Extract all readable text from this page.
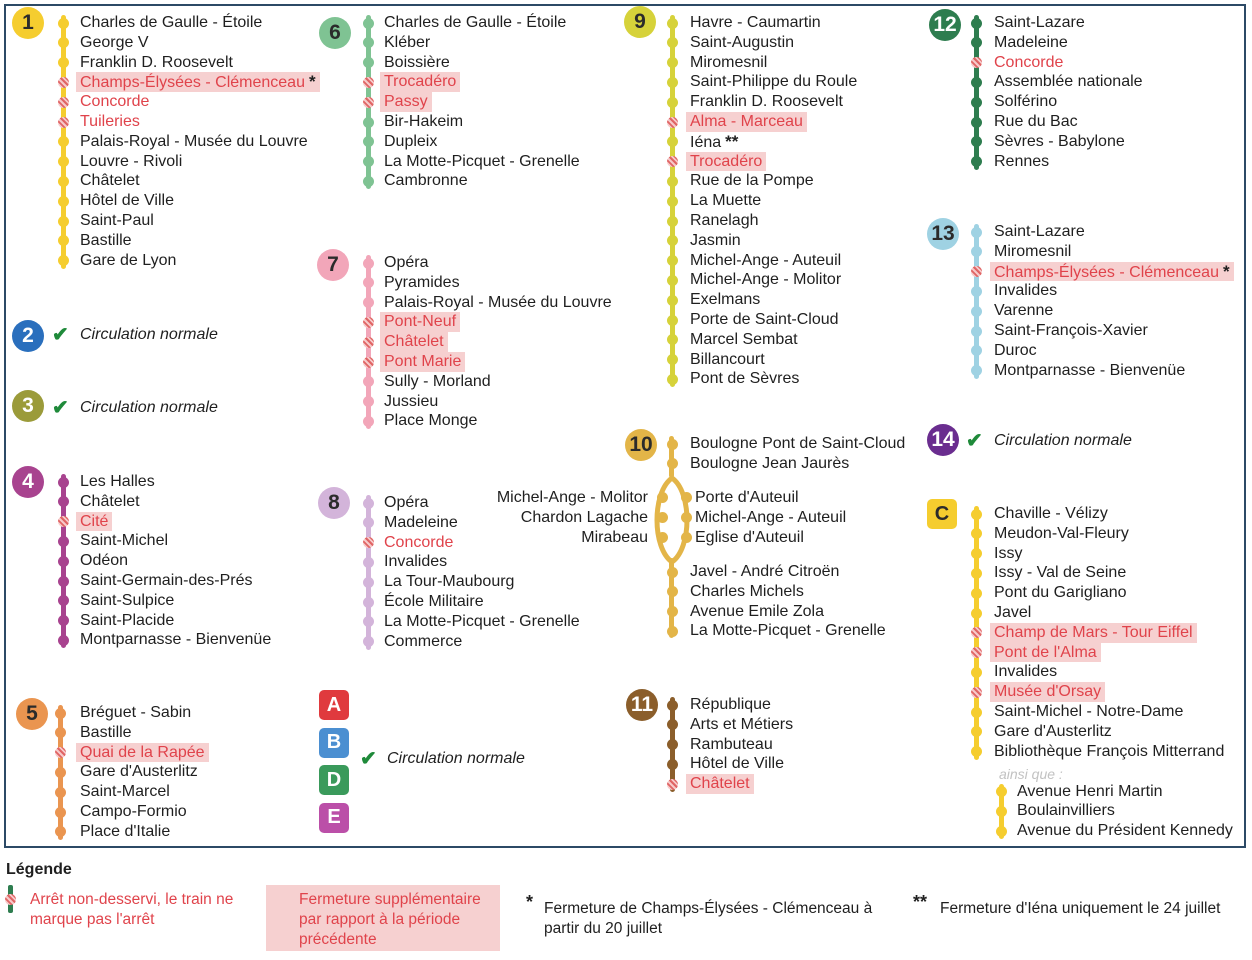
1	Charles de Gaulle - Étoile
George V
Franklin D. Roosevelt
Champs-Élysées - Clémenceau *
Concorde
Tuileries
Palais-Royal - Musée du Louvre
Louvre - Rivoli
Châtelet
Hôtel de Ville
Saint-Paul
Bastille
Gare de Lyon
2 ✔ Circulation normale
3 ✔ Circulation normale
4	Les Halles
Châtelet
Cité
Saint-Michel
Odéon
Saint-Germain-des-Prés
Saint-Sulpice
Saint-Placide
Montparnasse - Bienvenüe
5	Bréguet - Sabin
Bastille
Quai de la Rapée
Gare d'Austerlitz
Saint-Marcel
Campo-Formio
Place d'Italie
6	Charles de Gaulle - Étoile
Kléber
Boissière
Trocadéro
Passy
Bir-Hakeim
Dupleix
La Motte-Picquet - Grenelle
Cambronne
7	Opéra
Pyramides
Palais-Royal - Musée du Louvre
Pont-Neuf
Châtelet
Pont Marie
Sully - Morland
Jussieu
Place Monge
8	Opéra
Madeleine
Concorde
Invalides
La Tour-Maubourg
École Militaire
La Motte-Picquet - Grenelle
Commerce
9	Havre - Caumartin
Saint-Augustin
Miromesnil
Saint-Philippe du Roule
Franklin D. Roosevelt
Alma - Marceau
Iéna **
Trocadéro
Rue de la Pompe
La Muette
Ranelagh
Jasmin
Michel-Ange - Auteuil
Michel-Ange - Molitor
Exelmans
Porte de Saint-Cloud
Marcel Sembat
Billancourt
Pont de Sèvres
11	République
Arts et Métiers
Rambuteau
Hôtel de Ville
Châtelet
12 Saint-Lazare
Madeleine
Concorde
Assemblée nationale
Solférino
Rue du Bac
Sèvres - Babylone
Rennes
13 Saint-Lazare
Miromesnil
Champs-Élysées - Clémenceau *
Invalides
Varenne
Saint-François-Xavier
Duroc
Montparnasse - Bienvenüe
14 ✔ Circulation normale
C	Chaville - Vélizy
Meudon-Val-Fleury
Issy
Issy - Val de Seine
Pont du Garigliano
Javel
Champ de Mars - Tour Eiffel
Pont de l'Alma
Invalides
Musée d'Orsay
Saint-Michel - Notre-Dame
Gare d'Austerlitz
Bibliothèque François Mitterrand
ainsi que :
Avenue Henri Martin
Boulainvilliers
Avenue du Président Kennedy
10 Boulogne Pont de Saint-Cloud
Boulogne Jean Jaurès
Michel-Ange - Molitor
Chardon Lagache
Mirabeau
Porte d'Auteuil
Michel-Ange - Auteuil
Eglise d'Auteuil
Javel - André Citroën
Charles Michels
Avenue Emile Zola
La Motte-Picquet - Grenelle
A
B
D
E
✔ Circulation normale
Légende
Arrêt non-desservi, le train ne marque pas l'arrêt
Fermeture supplémentaire par rapport à la période précédente
* Fermeture de Champs-Élysées - Clémenceau à partir du 20 juillet
** Fermeture d'Iéna uniquement le 24 juillet
